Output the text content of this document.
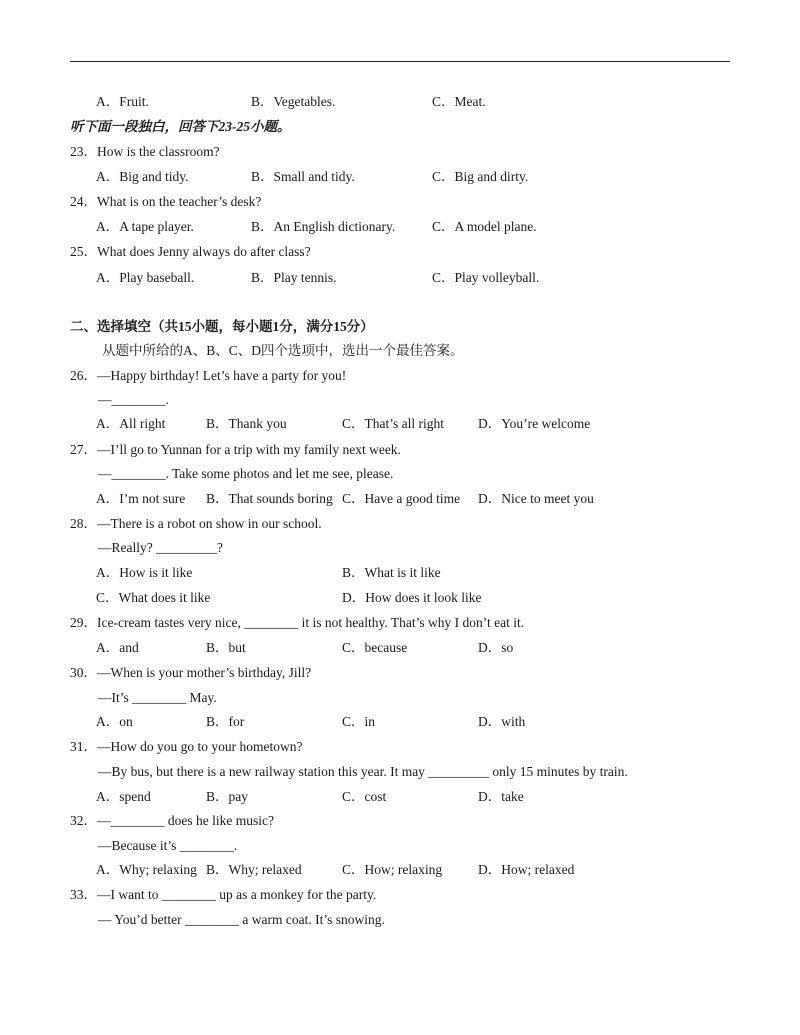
A．Fruit.	B．Vegetables.	C．Meat.
听下面一段独白，回答下23-25小题。
23．How is the classroom?
A．Big and tidy.	B．Small and tidy.	C．Big and dirty.
24．What is on the teacher’s desk?
A．A tape player.	B．An English dictionary.	C．A model plane.
25．What does Jenny always do after class?
A．Play baseball.	B．Play tennis.	C．Play volleyball.
二、选择填空（共15小题，每小题1分，满分15分）
从题中所给的A、B、C、D四个选项中，选出一个最佳答案。
26．—Happy birthday! Let’s have a party for you!
—________.
A．All right	B．Thank you	C．That’s all right	D．You’re welcome
27．—I’ll go to Yunnan for a trip with my family next week.
—________. Take some photos and let me see, please.
A．I’m not sure B．That sounds boring C．Have a good time D．Nice to meet you
28．—There is a robot on show in our school.
—Really? _________?
A．How is it like	B．What is it like
C．What does it like	D．How does it look like
29．Ice-cream tastes very nice, ________ it is not healthy. That’s why I don’t eat it.
A．and	B．but	C．because	D．so
30．—When is your mother’s birthday, Jill?
—It’s ________ May.
A．on	B．for	C．in	D．with
31．—How do you go to your hometown?
—By bus, but there is a new railway station this year. It may _________ only 15 minutes by train.
A．spend	B．pay	C．cost	D．take
32．—________ does he like music?
—Because it’s ________.
A．Why; relaxing B．Why; relaxed	C．How; relaxing	D．How; relaxed
33．—I want to ________ up as a monkey for the party.
— You’d better ________ a warm coat. It’s snowing.
